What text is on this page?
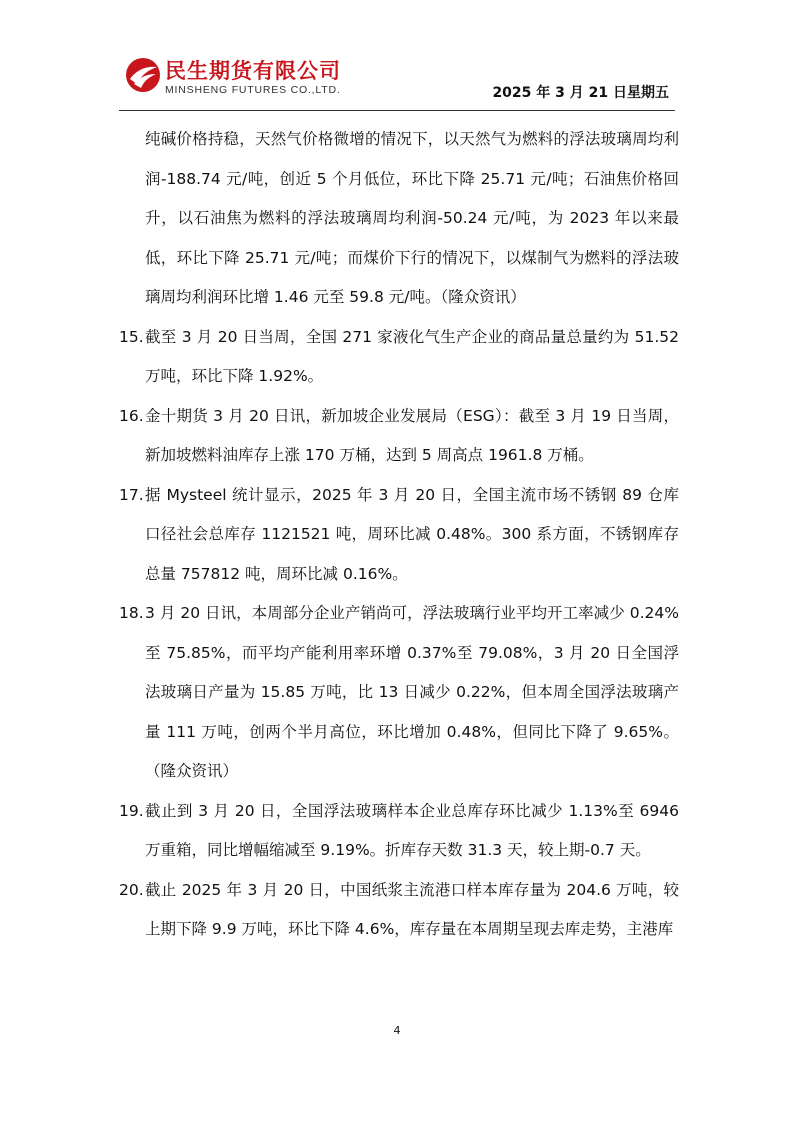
民生期货有限公司
MINSHENG FUTURES CO.,LTD.	2025 年 3 月 21 日星期五

纯碱价格持稳，天然气价格微增的情况下，以天然气为燃料的浮法玻璃周均利润-188.74 元/吨，创近 5 个月低位，环比下降 25.71 元/吨；石油焦价格回升，以石油焦为燃料的浮法玻璃周均利润-50.24 元/吨，为 2023 年以来最低，环比下降 25.71 元/吨；而煤价下行的情况下，以煤制气为燃料的浮法玻璃周均利润环比增 1.46 元至 59.8 元/吨。（隆众资讯）

15. 截至 3 月 20 日当周，全国 271 家液化气生产企业的商品量总量约为 51.52 万吨，环比下降 1.92%。
16. 金十期货 3 月 20 日讯，新加坡企业发展局（ESG）：截至 3 月 19 日当周，新加坡燃料油库存上涨 170 万桶，达到 5 周高点 1961.8 万桶。
17. 据 Mysteel 统计显示，2025 年 3 月 20 日，全国主流市场不锈钢 89 仓库口径社会总库存 1121521 吨，周环比减 0.48%。300 系方面，不锈钢库存总量 757812 吨，周环比减 0.16%。
18. 3 月 20 日讯，本周部分企业产销尚可，浮法玻璃行业平均开工率减少 0.24%至 75.85%，而平均产能利用率环增 0.37%至 79.08%，3 月 20 日全国浮法玻璃日产量为 15.85 万吨，比 13 日减少 0.22%，但本周全国浮法玻璃产量 111 万吨，创两个半月高位，环比增加 0.48%，但同比下降了 9.65%。（隆众资讯）
19. 截止到 3 月 20 日，全国浮法玻璃样本企业总库存环比减少 1.13%至 6946 万重箱，同比增幅缩减至 9.19%。折库存天数 31.3 天，较上期-0.7 天。
20. 截止 2025 年 3 月 20 日，中国纸浆主流港口样本库存量为 204.6 万吨，较上期下降 9.9 万吨，环比下降 4.6%，库存量在本周期呈现去库走势，主港库
4
